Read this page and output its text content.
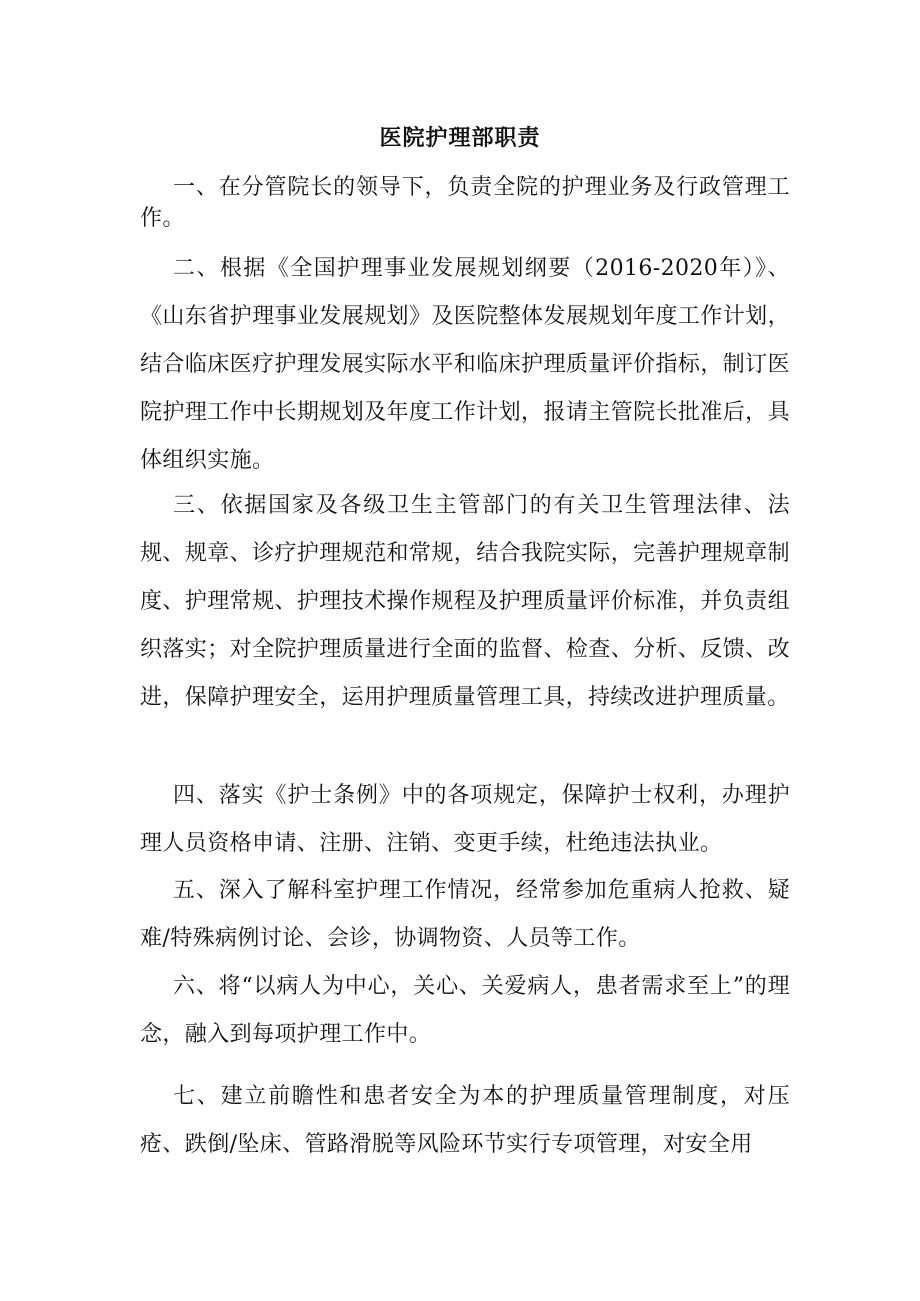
医院护理部职责

一、在分管院长的领导下，负责全院的护理业务及行政管理工作。

二、根据《全国护理事业发展规划纲要（2016-2020年）》、《山东省护理事业发展规划》及医院整体发展规划年度工作计划，结合临床医疗护理发展实际水平和临床护理质量评价指标，制订医院护理工作中长期规划及年度工作计划，报请主管院长批准后，具体组织实施。

三、依据国家及各级卫生主管部门的有关卫生管理法律、法规、规章、诊疗护理规范和常规，结合我院实际，完善护理规章制度、护理常规、护理技术操作规程及护理质量评价标准，并负责组织落实；对全院护理质量进行全面的监督、检查、分析、反馈、改进，保障护理安全，运用护理质量管理工具，持续改进护理质量。

四、落实《护士条例》中的各项规定，保障护士权利，办理护理人员资格申请、注册、注销、变更手续，杜绝违法执业。

五、深入了解科室护理工作情况，经常参加危重病人抢救、疑难/特殊病例讨论、会诊，协调物资、人员等工作。

六、将“以病人为中心，关心、关爱病人，患者需求至上”的理念，融入到每项护理工作中。

七、建立前瞻性和患者安全为本的护理质量管理制度，对压疮、跌倒/坠床、管路滑脱等风险环节实行专项管理，对安全用
